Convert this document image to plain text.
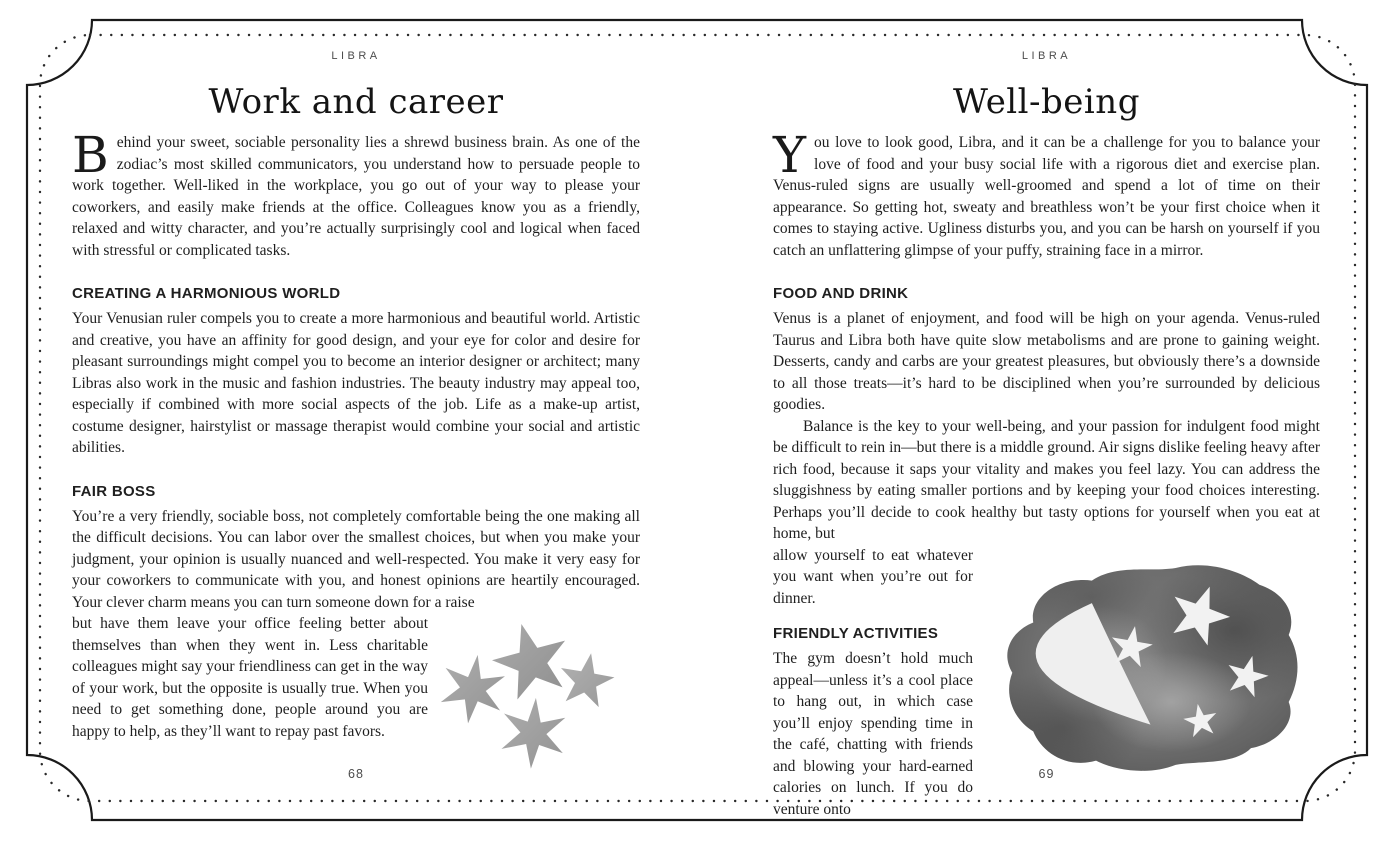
LIBRA
Work and career

Behind your sweet, sociable personality lies a shrewd business brain. As one of the zodiac’s most skilled communicators, you understand how to persuade people to work together. Well-liked in the workplace, you go out of your way to please your coworkers, and easily make friends at the office. Colleagues know you as a friendly, relaxed and witty character, and you’re actually surprisingly cool and logical when faced with stressful or complicated tasks.

CREATING A HARMONIOUS WORLD

Your Venusian ruler compels you to create a more harmonious and beautiful world. Artistic and creative, you have an affinity for good design, and your eye for color and desire for pleasant surroundings might compel you to become an interior designer or architect; many Libras also work in the music and fashion industries. The beauty industry may appeal too, especially if combined with more social aspects of the job. Life as a make-up artist, costume designer, hairstylist or massage therapist would combine your social and artistic abilities.

FAIR BOSS

You’re a very friendly, sociable boss, not completely comfortable being the one making all the difficult decisions. You can labor over the smallest choices, but when you make your judgment, your opinion is usually nuanced and well-respected. You make it very easy for your coworkers to communicate with you, and honest opinions are heartily encouraged. Your clever charm means you can turn someone down for a raise

but have them leave your office feeling better about themselves than when they went in. Less charitable colleagues might say your friendliness can get in the way of your work, but the opposite is usually true. When you need to get something done, people around you are happy to help, as they’ll want to repay past favors.

68
LIBRA
Well-being

You love to look good, Libra, and it can be a challenge for you to balance your love of food and your busy social life with a rigorous diet and exercise plan. Venus-ruled signs are usually well-groomed and spend a lot of time on their appearance. So getting hot, sweaty and breathless won’t be your first choice when it comes to staying active. Ugliness disturbs you, and you can be harsh on yourself if you catch an unflattering glimpse of your puffy, straining face in a mirror.

FOOD AND DRINK

Venus is a planet of enjoyment, and food will be high on your agenda. Venus-ruled Taurus and Libra both have quite slow metabolisms and are prone to gaining weight. Desserts, candy and carbs are your greatest pleasures, but obviously there’s a downside to all those treats—it’s hard to be disciplined when you’re surrounded by delicious goodies.

Balance is the key to your well-being, and your passion for indulgent food might be difficult to rein in—but there is a middle ground. Air signs dislike feeling heavy after rich food, because it saps your vitality and makes you feel lazy. You can address the sluggishness by eating smaller portions and by keeping your food choices interesting. Perhaps you’ll decide to cook healthy but tasty options for yourself when you eat at home, but

allow yourself to eat whatever you want when you’re out for dinner.

FRIENDLY ACTIVITIES

The gym doesn’t hold much appeal—unless it’s a cool place to hang out, in which case you’ll enjoy spending time in the café, chatting with friends and blowing your hard-earned calories on lunch. If you do venture onto

69
